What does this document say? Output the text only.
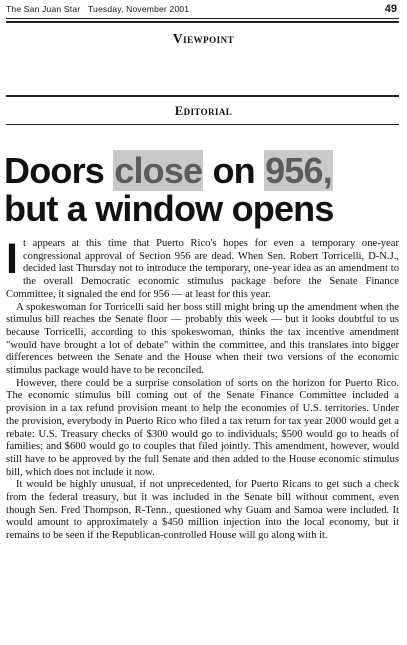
The San Juan Star Tuesday, November 2001	49
Viewpoint
Editorial
Doors close on 956,
but a window opens

It appears at this time that Puerto Rico's hopes for even a temporary one-year congressional approval of Section 956 are dead. When Sen. Robert Torricelli, D-N.J., decided last Thursday not to introduce the temporary, one-year idea as an amendment to the overall Democratic economic stimulus package before the Senate Finance Committee, it signaled the end for 956 — at least for this year.

A spokeswoman for Torricelli said her boss still might bring up the amendment when the stimulus bill reaches the Senate floor — probably this week — but it looks doubtful to us because Torricelli, according to this spokeswoman, thinks the tax incentive amendment "would have brought a lot of debate" within the committee, and this translates into bigger differences between the Senate and the House when their two versions of the economic stimulus package would have to be reconciled.

However, there could be a surprise consolation of sorts on the horizon for Puerto Rico. The economic stimulus bill coming out of the Senate Finance Committee included a provision in a tax refund provision meant to help the economies of U.S. territories. Under the provision, everybody in Puerto Rico who filed a tax return for tax year 2000 would get a rebate: U.S. Treasury checks of $300 would go to individuals; $500 would go to heads of families; and $600 would go to couples that filed jointly. This amendment, however, would still have to be approved by the full Senate and then added to the House economic stimulus bill, which does not include it now.

It would be highly unusual, if not unprecedented, for Puerto Ricans to get such a check from the federal treasury, but it was included in the Senate bill without comment, even though Sen. Fred Thompson, R-Tenn., questioned why Guam and Samoa were included. It would amount to approximately a $450 million injection into the local economy, but it remains to be seen if the Republican-controlled House will go along with it.
